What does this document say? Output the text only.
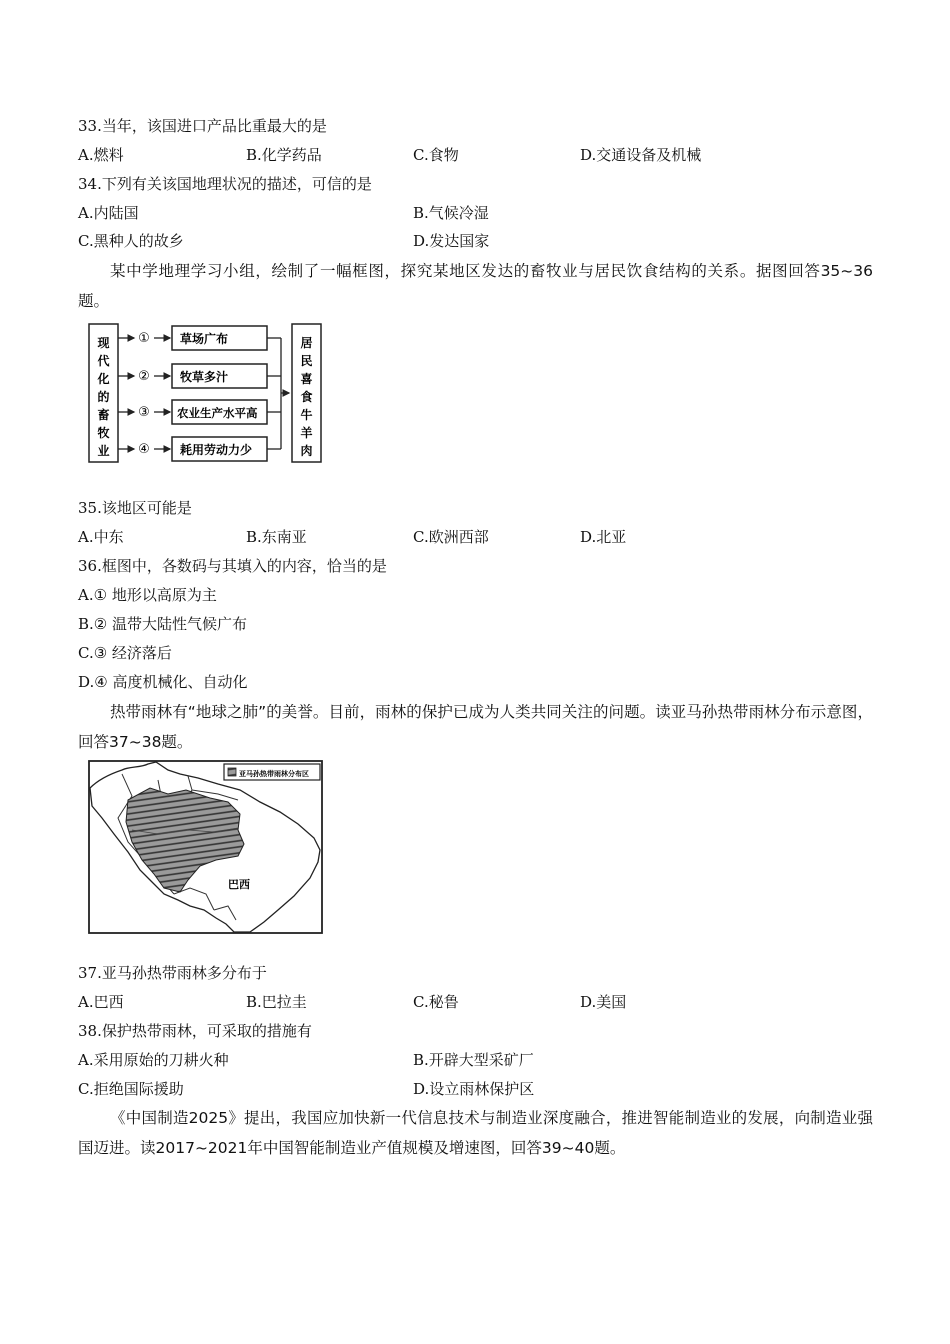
33.当年，该国进口产品比重最大的是
A.燃料	B.化学药品	C.食物	D.交通设备及机械
34.下列有关该国地理状况的描述，可信的是
A.内陆国	B.气候冷湿
C.黑种人的故乡	D.发达国家
某中学地理学习小组，绘制了一幅框图，探究某地区发达的畜牧业与居民饮食结构的关系。据图回答35~36题。
现
代
化
的
畜
牧
业
①	草场广布
②	牧草多汁
③ 农业生产水平高
④	耗用劳动力少
居
民
喜
食
牛
羊
肉
35.该地区可能是
A.中东	B.东南亚	C.欧洲西部	D.北亚
36.框图中，各数码与其填入的内容，恰当的是
A.① 地形以高原为主
B.② 温带大陆性气候广布
C.③ 经济落后
D.④ 高度机械化、自动化
热带雨林有“地球之肺”的美誉。目前，雨林的保护已成为人类共同关注的问题。读亚马孙热带雨林分布示意图，回答37~38题。
亚马孙热带雨林分布区
巴西
37.亚马孙热带雨林多分布于
A.巴西	B.巴拉圭	C.秘鲁	D.美国
38.保护热带雨林，可采取的措施有
A.采用原始的刀耕火种	B.开辟大型采矿厂
C.拒绝国际援助	D.设立雨林保护区
《中国制造2025》提出，我国应加快新一代信息技术与制造业深度融合，推进智能制造业的发展，向制造业强国迈进。读2017~2021年中国智能制造业产值规模及增速图，回答39~40题。
